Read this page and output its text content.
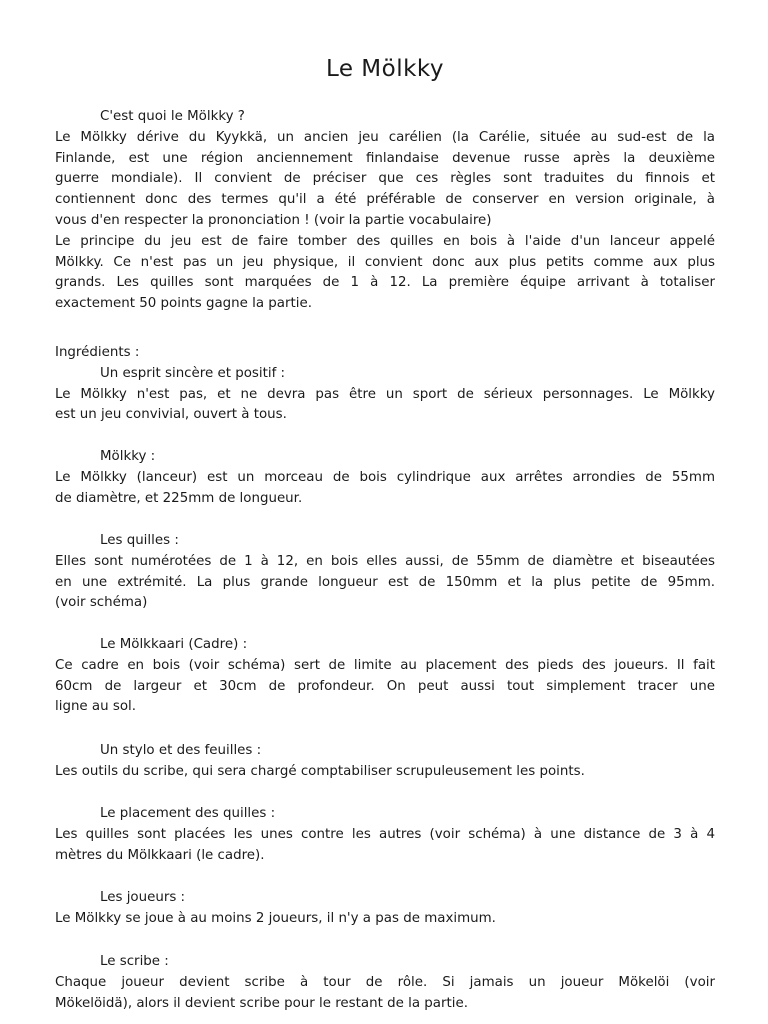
Le Mölkky
C'est quoi le Mölkky ?
Le Mölkky dérive du Kyykkä, un ancien jeu carélien (la Carélie, située au sud-est de la
Finlande, est une région anciennement finlandaise devenue russe après la deuxième
guerre mondiale). Il convient de préciser que ces règles sont traduites du finnois et
contiennent donc des termes qu'il a été préférable de conserver en version originale, à
vous d'en respecter la prononciation ! (voir la partie vocabulaire)
Le principe du jeu est de faire tomber des quilles en bois à l'aide d'un lanceur appelé
Mölkky. Ce n'est pas un jeu physique, il convient donc aux plus petits comme aux plus
grands. Les quilles sont marquées de 1 à 12. La première équipe arrivant à totaliser
exactement 50 points gagne la partie.
Ingrédients :
Un esprit sincère et positif :
Le Mölkky n'est pas, et ne devra pas être un sport de sérieux personnages. Le Mölkky
est un jeu convivial, ouvert à tous.
Mölkky :
Le Mölkky (lanceur) est un morceau de bois cylindrique aux arrêtes arrondies de 55mm
de diamètre, et 225mm de longueur.
Les quilles :
Elles sont numérotées de 1 à 12, en bois elles aussi, de 55mm de diamètre et biseautées
en une extrémité. La plus grande longueur est de 150mm et la plus petite de 95mm.
(voir schéma)
Le Mölkkaari (Cadre) :
Ce cadre en bois (voir schéma) sert de limite au placement des pieds des joueurs. Il fait
60cm de largeur et 30cm de profondeur. On peut aussi tout simplement tracer une
ligne au sol.
Un stylo et des feuilles :
Les outils du scribe, qui sera chargé comptabiliser scrupuleusement les points.
Le placement des quilles :
Les quilles sont placées les unes contre les autres (voir schéma) à une distance de 3 à 4
mètres du Mölkkaari (le cadre).
Les joueurs :
Le Mölkky se joue à au moins 2 joueurs, il n'y a pas de maximum.
Le scribe :
Chaque joueur devient scribe à tour de rôle. Si jamais un joueur Mökelöi (voir
Mökelöidä), alors il devient scribe pour le restant de la partie.
